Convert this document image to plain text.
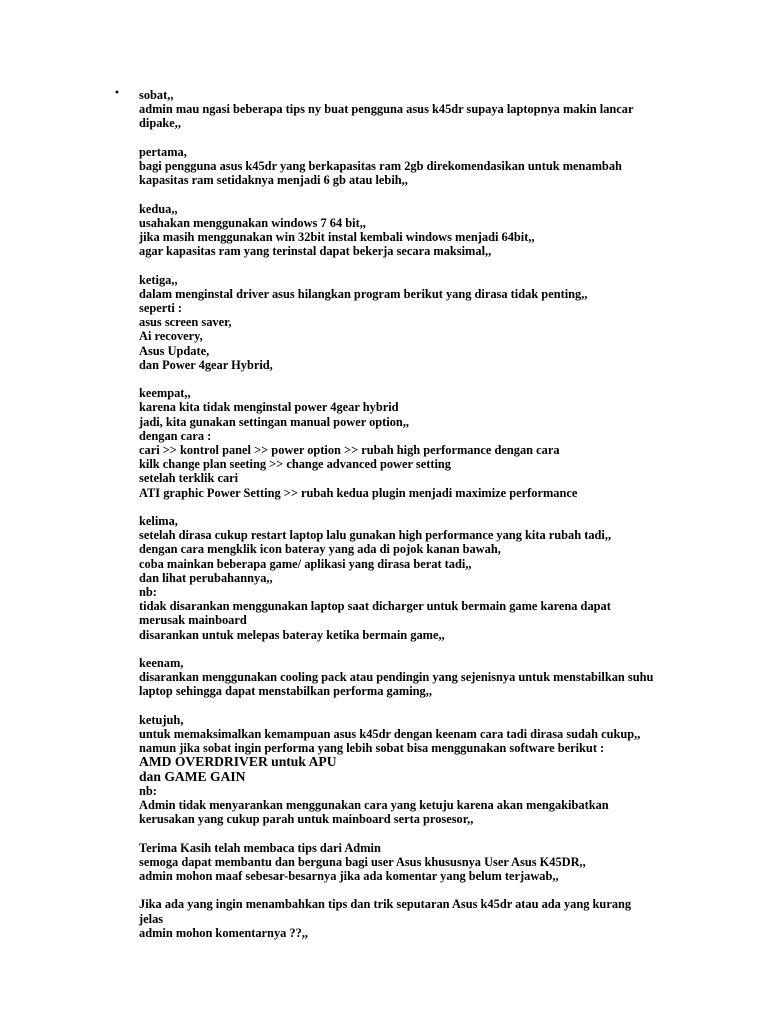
• sobat,,
admin mau ngasi beberapa tips ny buat pengguna asus k45dr supaya laptopnya makin lancar
dipake,,
pertama,
bagi pengguna asus k45dr yang berkapasitas ram 2gb direkomendasikan untuk menambah
kapasitas ram setidaknya menjadi 6 gb atau lebih,,
kedua,,
usahakan menggunakan windows 7 64 bit,,
jika masih menggunakan win 32bit instal kembali windows menjadi 64bit,,
agar kapasitas ram yang terinstal dapat bekerja secara maksimal,,
ketiga,,
dalam menginstal driver asus hilangkan program berikut yang dirasa tidak penting,,
seperti :
asus screen saver,
Ai recovery,
Asus Update,
dan Power 4gear Hybrid,
keempat,,
karena kita tidak menginstal power 4gear hybrid
jadi, kita gunakan settingan manual power option,,
dengan cara :
cari >> kontrol panel >> power option >> rubah high performance dengan cara
kilk change plan seeting >> change advanced power setting
setelah terklik cari
ATI graphic Power Setting >> rubah kedua plugin menjadi maximize performance
kelima,
setelah dirasa cukup restart laptop lalu gunakan high performance yang kita rubah tadi,,
dengan cara mengklik icon bateray yang ada di pojok kanan bawah,
coba mainkan beberapa game/ aplikasi yang dirasa berat tadi,,
dan lihat perubahannya,,
nb:
tidak disarankan menggunakan laptop saat dicharger untuk bermain game karena dapat
merusak mainboard
disarankan untuk melepas bateray ketika bermain game,,
keenam,
disarankan menggunakan cooling pack atau pendingin yang sejenisnya untuk menstabilkan suhu
laptop sehingga dapat menstabilkan performa gaming,,
ketujuh,
untuk memaksimalkan kemampuan asus k45dr dengan keenam cara tadi dirasa sudah cukup,,
namun jika sobat ingin performa yang lebih sobat bisa menggunakan software berikut :
AMD OVERDRIVER untuk APU
dan GAME GAIN
nb:
Admin tidak menyarankan menggunakan cara yang ketuju karena akan mengakibatkan
kerusakan yang cukup parah untuk mainboard serta prosesor,,
Terima Kasih telah membaca tips dari Admin
semoga dapat membantu dan berguna bagi user Asus khususnya User Asus K45DR,,
admin mohon maaf sebesar-besarnya jika ada komentar yang belum terjawab,,
Jika ada yang ingin menambahkan tips dan trik seputaran Asus k45dr atau ada yang kurang
jelas
admin mohon komentarnya ??,,
